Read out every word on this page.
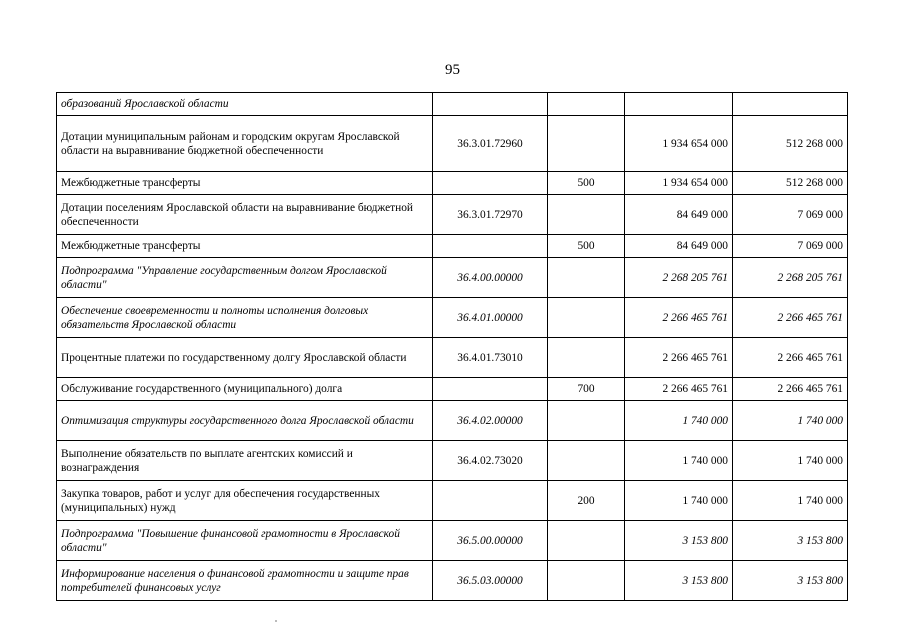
95
образований Ярославской области				
Дотации муниципальным районам и городским округам Ярославской области на выравнивание бюджетной обеспеченности	36.3.01.72960		1 934 654 000	512 268 000
Межбюджетные трансферты		500	1 934 654 000	512 268 000
Дотации поселениям Ярославской области на выравнивание бюджетной обеспеченности	36.3.01.72970		84 649 000	7 069 000
Межбюджетные трансферты		500	84 649 000	7 069 000
Подпрограмма "Управление государственным долгом Ярославской области"	36.4.00.00000		2 268 205 761	2 268 205 761
Обеспечение своевременности и полноты исполнения долговых обязательств Ярославской области	36.4.01.00000		2 266 465 761	2 266 465 761
Процентные платежи по государственному долгу Ярославской области	36.4.01.73010		2 266 465 761	2 266 465 761
Обслуживание государственного (муниципального) долга		700	2 266 465 761	2 266 465 761
Оптимизация структуры государственного долга Ярославской области	36.4.02.00000		1 740 000	1 740 000
Выполнение обязательств по выплате агентских комиссий и вознаграждения	36.4.02.73020		1 740 000	1 740 000
Закупка товаров, работ и услуг для обеспечения государственных (муниципальных) нужд		200	1 740 000	1 740 000
Подпрограмма "Повышение финансовой грамотности в Ярославской области"	36.5.00.00000		3 153 800	3 153 800
Информирование населения о финансовой грамотности и защите прав потребителей финансовых услуг	36.5.03.00000		3 153 800	3 153 800
